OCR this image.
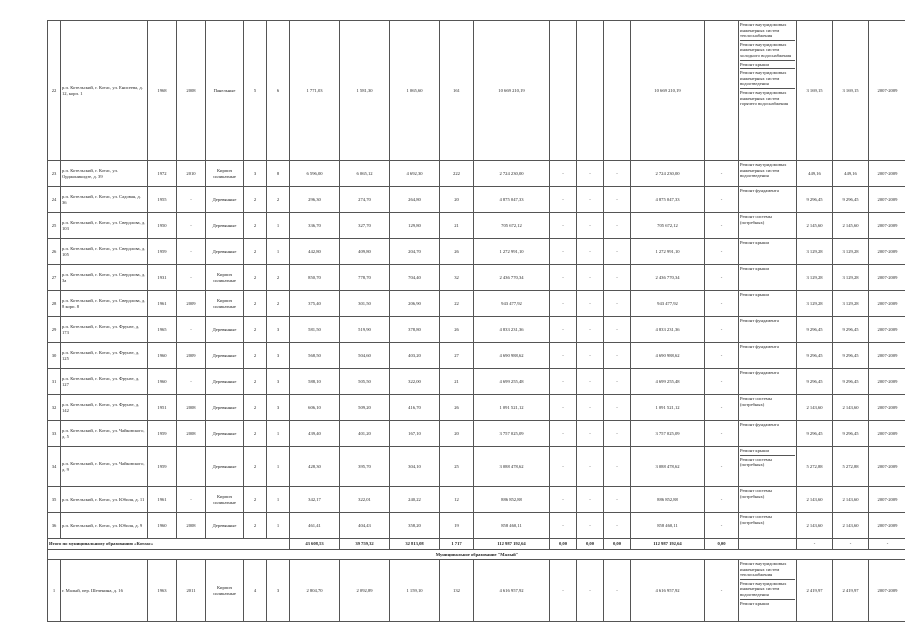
22	р.п. Котельский, г. Котас, ул. Енисеева, д. 12, корп. 1	1968	2008	Панельные	5	6	1 771,03	1 581,30	1 065,60	161	10 669 210,19				10 669 210,19		Ремонт внутридомовых инженерных систем теплоснабжения
Ремонт внутридомовых инженерных систем холодного водоснабжения
Ремонт крыши
Ремонт внутридомовых инженерных систем водоотведения
Ремонт внутридомовых инженерных систем горячего водоснабжения	3 169,15	3 169,15	2007-2009
23	р.п. Котельский, г. Котас, ул. Орджоникидзе, д. 39	1972	2010	Кирпич силикатные	3	8	6 596,00	6 065,12	4 692,30	222	2 724 230,00	-	-	-	2 724 230,00	-	Ремонт внутридомовых инженерных систем водоотведения	449,16	449,16	2007-2009
24	р.п. Котельский, г. Котас, ул. Садовая, д. 36	1955	-	Деревянные	2	2	296,30	274,70	264,80	20	4 875 047,33	-	-	-	4 875 047,33	-	Ремонт фундамента	9 296,45	9 296,45	2007-2009
25	р.п. Котельский, г. Котас, ул. Свердлова, д. 103	1950	-	Деревянные	2	1	336,70	327,70	129,80	21	705 672,12	-	-	-	705 672,12	-	Ремонт системы (потребных)	2 145,60	2 145,60	2007-2009
26	р.п. Котельский, г. Котас, ул. Свердлова, д. 105	1959	-	Деревянные	2	1	442,80	409,80	204,70	26	1 272 991,10	-	-	-	1 272 991,10	-	Ремонт крыши	3 129,28	3 129,28	2007-2009
27	р.п. Котельский, г. Котас, ул. Свердлова, д. 3а	1931	-	Кирпич силикатные	2	2	850,70	778,70	704,40	32	2 436 770,34	-	-	-	2 436 770,34	-	Ремонт крыши	3 129,28	3 129,28	2007-2009
28	р.п. Котельский, г. Котас, ул. Свердлова, д. 8 корп. 8	1961	2009	Кирпич силикатные	2	2	375,40	301,50	206,90	22	943 477,92	-	-	-	943 477,92	-	Ремонт крыши	3 129,28	3 129,28	2007-2009
29	р.п. Котельский, г. Котас, ул. Фрунзе, д. 173	1965	-	Деревянные	2	3	581,50	519,90	378,80	26	4 833 231,36	-	-	-	4 833 231,36	-	Ремонт фундамента	9 296,45	9 296,45	2007-2009
30	р.п. Котельский, г. Котас, ул. Фрунзе, д. 125	1960	2009	Деревянные	2	3	568,50	504,60	403,20	27	4 690 988,62	-	-	-	4 690 988,62	-	Ремонт фундамента	9 296,45	9 296,45	2007-2009
31	р.п. Котельский, г. Котас, ул. Фрунзе, д. 127	1960	-	Деревянные	2	3	588,10	505,50	322,00	21	4 699 255,48	-	-	-	4 699 255,48	-	Ремонт фундамента	9 296,45	9 296,45	2007-2009
32	р.п. Котельский, г. Котас, ул. Фрунзе, д. 142	1951	2008	Деревянные	2	3	606,10	509,20	416,70	26	1 091 521,12	-	-	-	1 091 521,12	-	Ремонт системы (потребных)	2 143,60	2 143,60	2007-2009
33	р.п. Котельский, г. Котас, ул. Чайковского, д. 5	1959	2008	Деревянные	2	1	439,40	401,20	167,10	20	3 757 025,09	-	-	-	3 757 025,09	-	Ремонт фундамента	9 296,45	9 296,45	2007-2009
34	р.п. Котельский, г. Котас, ул. Чайковского, д. 9	1959		Деревянные	2	1	428,30	395,70	304,10	25	3 088 478,62	-	-	-	3 088 478,62	-	Ремонт крыши
Ремонт системы (потребных)	5 272,88	5 272,88	2007-2009
35	р.п. Котельский, г. Котас, ул. Юбиля, д. 11	1961	-	Кирпич силикатные	2	1	342,17	322,01	240,22	12	886 852,88	-	-	-	886 852,88	-	Ремонт системы (потребных)	2 143,60	2 143,60	2007-2009
36	р.п. Котельский, г. Котас, ул. Юбиля, д. 9	1960	2008	Деревянные	2	1	461,41	404,43	358,20	19	858 460,11	-	-	-	858 460,11	-	Ремонт системы (потребных)	2 143,60	2 143,60	2007-2009
Итого по муниципальному образованию «Котлас»							43 608,53	39 759,32	32 813,08	1 717	112 987 192,64	0,00	0,00	0,00	112 987 192,64	0,00		-	-	-
Муниципальное образование "Малый"																				
1	г. Малый, пер. Шеченина, д. 16	1963	2011	Кирпич силикатные	4	3	2 804,70	2 092,89	1 159,10	132	4 616 957,92	-	-	-	4 616 957,92	-	Ремонт внутридомовых инженерных систем теплоснабжения
Ремонт внутридомовых инженерных систем водоотведения
Ремонт крыши	2 419,97	2 419,97	2007-2009
